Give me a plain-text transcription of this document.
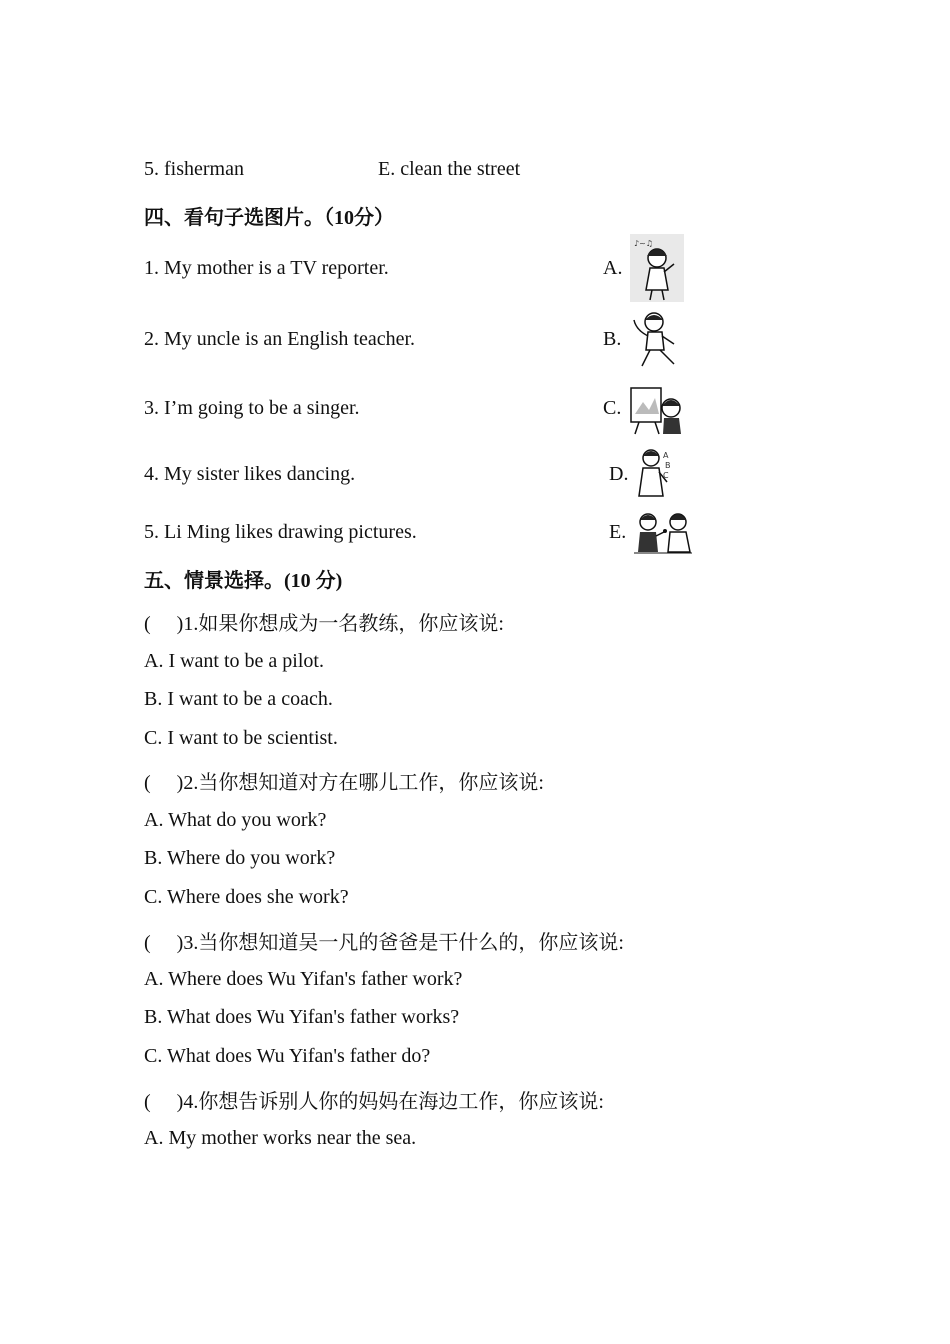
5. fisherman	E. clean the street
四、看句子选图片。（10分）
1. My mother is a TV reporter.	A.
♪~♫
2. My uncle is an English teacher.	B.
3. I’m going to be a singer.	C.
4. My sister likes dancing.	D.
A
B
C
5. Li Ming likes drawing pictures.	E.
五、情景选择。(10 分)
( )1.如果你想成为一名教练，你应该说:
A. I want to be a pilot.
B. I want to be a coach.
C. I want to be scientist.
( )2.当你想知道对方在哪儿工作，你应该说:
A. What do you work?
B. Where do you work?
C. Where does she work?
( )3.当你想知道吴一凡的爸爸是干什么的，你应该说:
A. Where does Wu Yifan's father work?
B. What does Wu Yifan's father works?
C. What does Wu Yifan's father do?
( )4.你想告诉别人你的妈妈在海边工作，你应该说:
A. My mother works near the sea.
